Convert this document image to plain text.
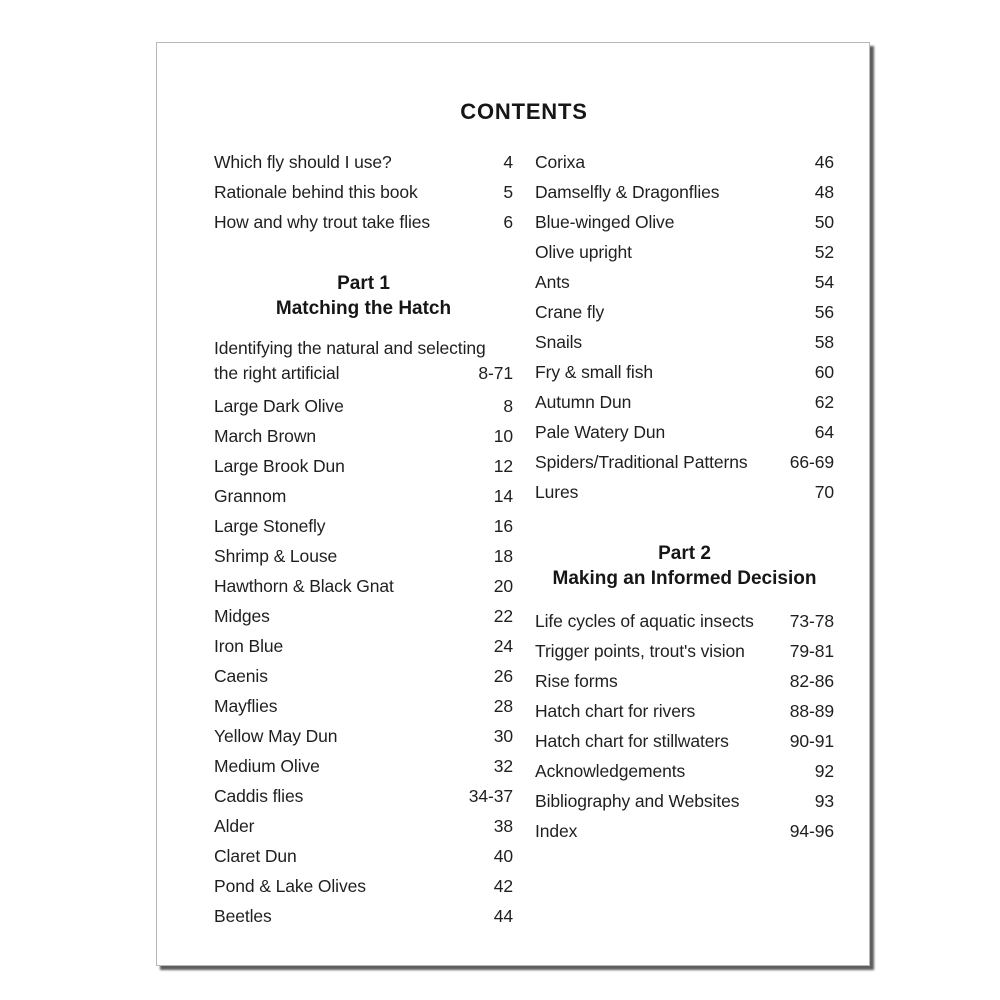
CONTENTS
Which fly should I use?	4
Rationale behind this book	5
How and why trout take flies	6
Part 1
Matching the Hatch
Identifying the natural and selecting
the right artificial	8-71
Large Dark Olive	8
March Brown	10
Large Brook Dun	12
Grannom	14
Large Stonefly	16
Shrimp & Louse	18
Hawthorn & Black Gnat	20
Midges	22
Iron Blue	24
Caenis	26
Mayflies	28
Yellow May Dun	30
Medium Olive	32
Caddis flies	34-37
Alder	38
Claret Dun	40
Pond & Lake Olives	42
Beetles	44
Corixa	46
Damselfly & Dragonflies	48
Blue-winged Olive	50
Olive upright	52
Ants	54
Crane fly	56
Snails	58
Fry & small fish	60
Autumn Dun	62
Pale Watery Dun	64
Spiders/Traditional Patterns	66-69
Lures	70
Part 2
Making an Informed Decision
Life cycles of aquatic insects	73-78
Trigger points, trout's vision	79-81
Rise forms	82-86
Hatch chart for rivers	88-89
Hatch chart for stillwaters	90-91
Acknowledgements	92
Bibliography and Websites	93
Index	94-96
